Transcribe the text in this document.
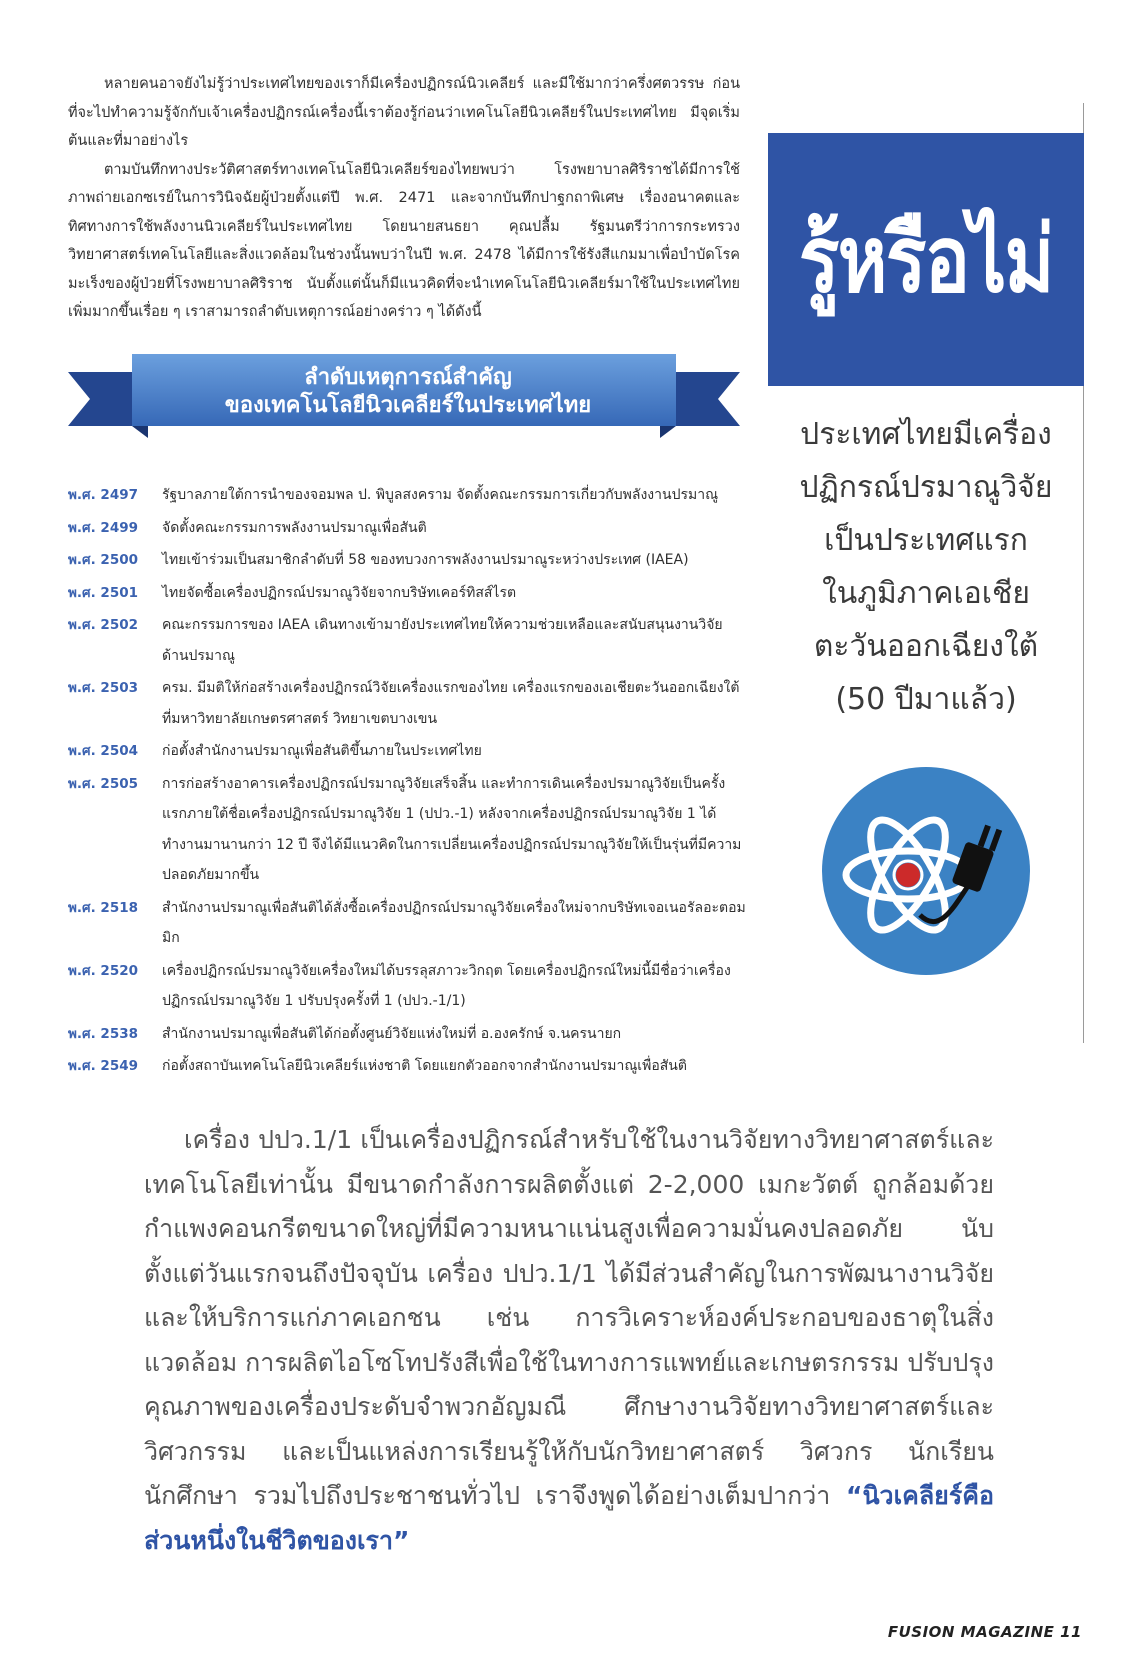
หลายคนอาจยังไม่รู้ว่าประเทศไทยของเราก็มีเครื่องปฏิกรณ์นิวเคลียร์ และมีใช้มากว่าครึ่งศตวรรษ ก่อนที่จะไปทำความรู้จักกับเจ้าเครื่องปฏิกรณ์เครื่องนี้เราต้องรู้ก่อนว่าเทคโนโลยีนิวเคลียร์ในประเทศไทย มีจุดเริ่มต้นและที่มาอย่างไร

ตามบันทึกทางประวัติศาสตร์ทางเทคโนโลยีนิวเคลียร์ของไทยพบว่า โรงพยาบาลศิริราชได้มีการใช้ภาพถ่ายเอกซเรย์ในการวินิจฉัยผู้ป่วยตั้งแต่ปี พ.ศ. 2471 และจากบันทึกปาฐกถาพิเศษ เรื่องอนาคตและทิศทางการใช้พลังงานนิวเคลียร์ในประเทศไทย โดยนายสนธยา คุณปลื้ม รัฐมนตรีว่าการกระทรวงวิทยาศาสตร์เทคโนโลยีและสิ่งแวดล้อมในช่วงนั้นพบว่าในปี พ.ศ. 2478 ได้มีการใช้รังสีแกมมาเพื่อบำบัดโรคมะเร็งของผู้ป่วยที่โรงพยาบาลศิริราช นับตั้งแต่นั้นก็มีแนวคิดที่จะนำเทคโนโลยีนิวเคลียร์มาใช้ในประเทศไทยเพิ่มมากขึ้นเรื่อย ๆ เราสามารถลำดับเหตุการณ์อย่างคร่าว ๆ ได้ดังนี้

ลำดับเหตุการณ์สำคัญ
ของเทคโนโลยีนิวเคลียร์ในประเทศไทย
พ.ศ. 2497	รัฐบาลภายใต้การนำของจอมพล ป. พิบูลสงคราม จัดตั้งคณะกรรมการเกี่ยวกับพลังงานปรมาณู
พ.ศ. 2499	จัดตั้งคณะกรรมการพลังงานปรมาณูเพื่อสันติ
พ.ศ. 2500	ไทยเข้าร่วมเป็นสมาชิกลำดับที่ 58 ของทบวงการพลังงานปรมาณูระหว่างประเทศ (IAEA)
พ.ศ. 2501	ไทยจัดซื้อเครื่องปฏิกรณ์ปรมาณูวิจัยจากบริษัทเคอร์ทิสส์ไรต
พ.ศ. 2502	คณะกรรมการของ IAEA เดินทางเข้ามายังประเทศไทยให้ความช่วยเหลือและสนับสนุนงานวิจัยด้านปรมาณู
พ.ศ. 2503	ครม. มีมติให้ก่อสร้างเครื่องปฏิกรณ์วิจัยเครื่องแรกของไทย เครื่องแรกของเอเชียตะวันออกเฉียงใต้ ที่มหาวิทยาลัยเกษตรศาสตร์ วิทยาเขตบางเขน
พ.ศ. 2504	ก่อตั้งสำนักงานปรมาณูเพื่อสันติขึ้นภายในประเทศไทย
พ.ศ. 2505	การก่อสร้างอาคารเครื่องปฏิกรณ์ปรมาณูวิจัยเสร็จสิ้น และทำการเดินเครื่องปรมาณูวิจัยเป็นครั้งแรกภายใต้ชื่อเครื่องปฏิกรณ์ปรมาณูวิจัย 1 (ปปว.-1) หลังจากเครื่องปฏิกรณ์ปรมาณูวิจัย 1 ได้ทำงานมานานกว่า 12 ปี จึงได้มีแนวคิดในการเปลี่ยนเครื่องปฏิกรณ์ปรมาณูวิจัยให้เป็นรุ่นที่มีความปลอดภัยมากขึ้น
พ.ศ. 2518	สำนักงานปรมาณูเพื่อสันติได้สั่งซื้อเครื่องปฏิกรณ์ปรมาณูวิจัยเครื่องใหม่จากบริษัทเจอเนอรัลอะตอมมิก
พ.ศ. 2520	เครื่องปฏิกรณ์ปรมาณูวิจัยเครื่องใหม่ได้บรรลุสภาวะวิกฤต โดยเครื่องปฏิกรณ์ใหม่นี้มีชื่อว่าเครื่องปฏิกรณ์ปรมาณูวิจัย 1 ปรับปรุงครั้งที่ 1 (ปปว.-1/1)
พ.ศ. 2538	สำนักงานปรมาณูเพื่อสันติได้ก่อตั้งศูนย์วิจัยแห่งใหม่ที่ อ.องครักษ์ จ.นครนายก
พ.ศ. 2549	ก่อตั้งสถาบันเทคโนโลยีนิวเคลียร์แห่งชาติ โดยแยกตัวออกจากสำนักงานปรมาณูเพื่อสันติ
รู้หรือไม่
ประเทศไทยมีเครื่อง
ปฏิกรณ์ปรมาณูวิจัย
เป็นประเทศแรก
ในภูมิภาคเอเชีย
ตะวันออกเฉียงใต้
(50 ปีมาแล้ว)
เครื่อง ปปว.1/1 เป็นเครื่องปฏิกรณ์สำหรับใช้ในงานวิจัยทางวิทยาศาสตร์และเทคโนโลยีเท่านั้น มีขนาดกำลังการผลิตตั้งแต่ 2-2,000 เมกะวัตต์ ถูกล้อมด้วยกำแพงคอนกรีตขนาดใหญ่ที่มีความหนาแน่นสูงเพื่อความมั่นคงปลอดภัย นับตั้งแต่วันแรกจนถึงปัจจุบัน เครื่อง ปปว.1/1 ได้มีส่วนสำคัญในการพัฒนางานวิจัยและให้บริการแก่ภาคเอกชน เช่น การวิเคราะห์องค์ประกอบของธาตุในสิ่งแวดล้อม การผลิตไอโซโทปรังสีเพื่อใช้ในทางการแพทย์และเกษตรกรรม ปรับปรุงคุณภาพของเครื่องประดับจำพวกอัญมณี ศึกษางานวิจัยทางวิทยาศาสตร์และวิศวกรรม และเป็นแหล่งการเรียนรู้ให้กับนักวิทยาศาสตร์ วิศวกร นักเรียน นักศึกษา รวมไปถึงประชาชนทั่วไป เราจึงพูดได้อย่างเต็มปากว่า “นิวเคลียร์คือส่วนหนึ่งในชีวิตของเรา”
FUSION MAGAZINE 11
